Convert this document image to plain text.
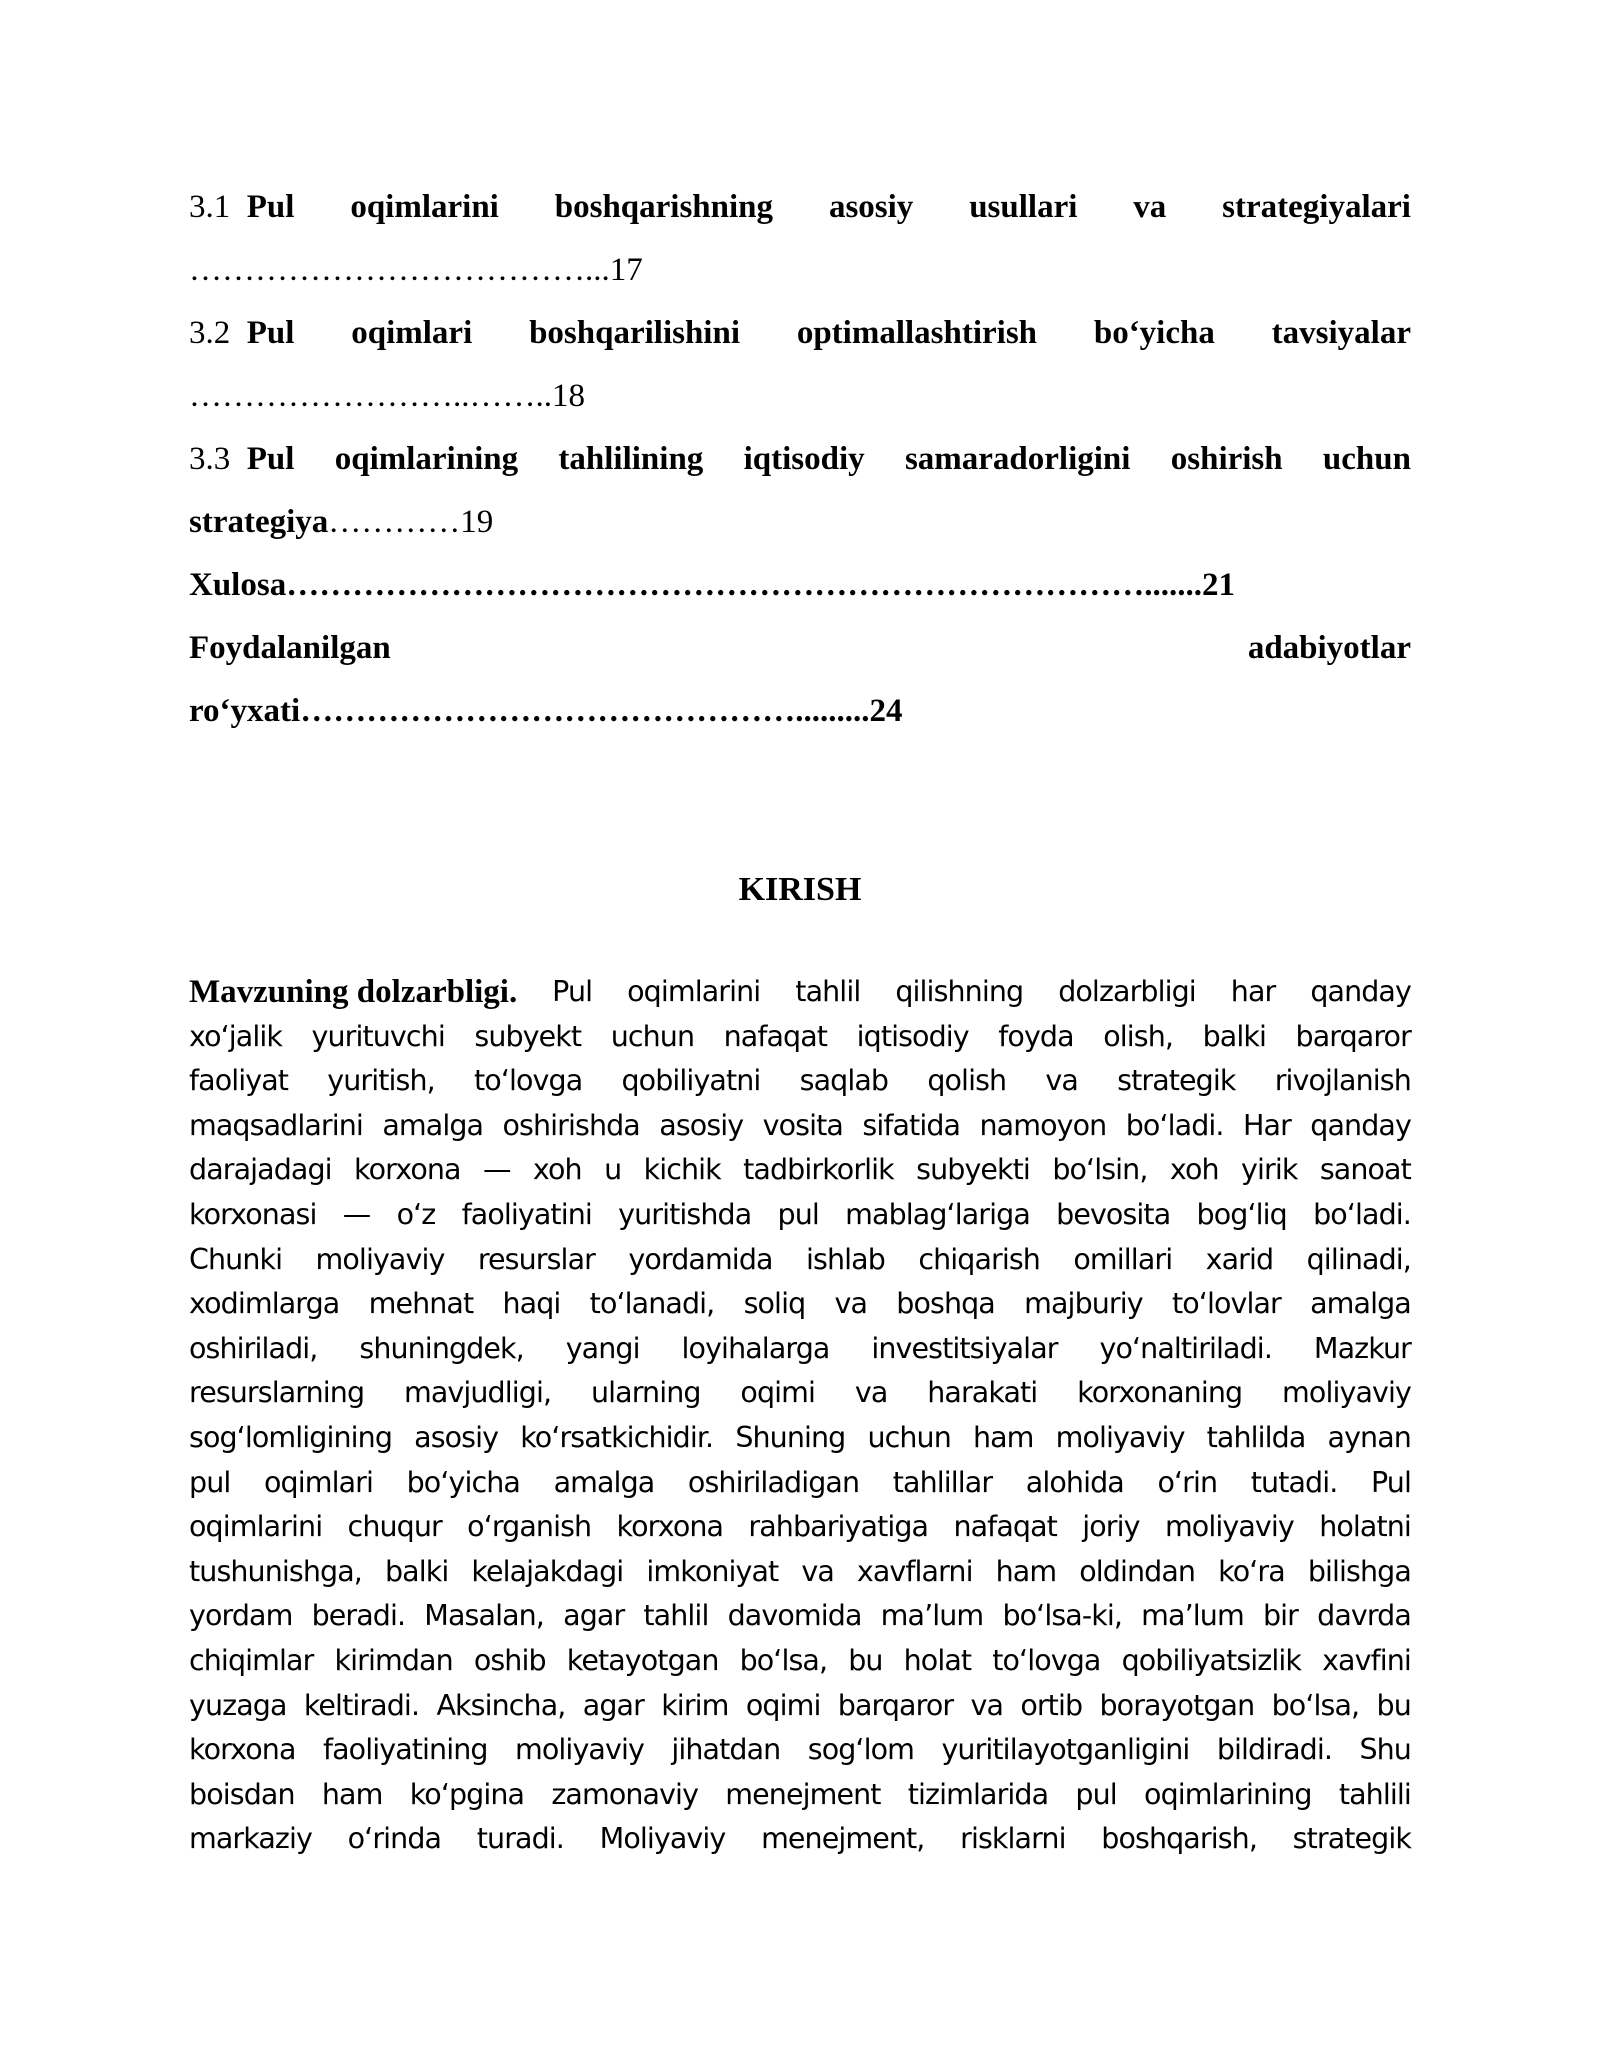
3.1 Pul oqimlarini boshqarishning asosiy usullari va strategiyalari
………………………………...17
3.2 Pul oqimlari boshqarilishini optimallashtirish bo‘yicha tavsiyalar
……………………..……..18
3.3 Pul oqimlarining tahlilining iqtisodiy samaradorligini oshirish uchun
strategiya…………19
Xulosa…………………………………………………………………….......21
Foydalanilgan	adabiyotlar
ro‘yxati……………………………………….........24
KIRISH
Mavzuning dolzarbligi. Pul oqimlarini tahlil qilishning dolzarbligi har qanday
xo‘jalik yurituvchi subyekt uchun nafaqat iqtisodiy foyda olish, balki barqaror
faoliyat yuritish, to‘lovga qobiliyatni saqlab qolish va strategik rivojlanish
maqsadlarini amalga oshirishda asosiy vosita sifatida namoyon bo‘ladi. Har qanday
darajadagi korxona — xoh u kichik tadbirkorlik subyekti bo‘lsin, xoh yirik sanoat
korxonasi — o‘z faoliyatini yuritishda pul mablag‘lariga bevosita bog‘liq bo‘ladi.
Chunki moliyaviy resurslar yordamida ishlab chiqarish omillari xarid qilinadi,
xodimlarga mehnat haqi to‘lanadi, soliq va boshqa majburiy to‘lovlar amalga
oshiriladi, shuningdek, yangi loyihalarga investitsiyalar yo‘naltiriladi. Mazkur
resurslarning mavjudligi, ularning oqimi va harakati korxonaning moliyaviy
sog‘lomligining asosiy ko‘rsatkichidir. Shuning uchun ham moliyaviy tahlilda aynan
pul oqimlari bo‘yicha amalga oshiriladigan tahlillar alohida o‘rin tutadi. Pul
oqimlarini chuqur o‘rganish korxona rahbariyatiga nafaqat joriy moliyaviy holatni
tushunishga, balki kelajakdagi imkoniyat va xavflarni ham oldindan ko‘ra bilishga
yordam beradi. Masalan, agar tahlil davomida ma’lum bo‘lsa-ki, ma’lum bir davrda
chiqimlar kirimdan oshib ketayotgan bo‘lsa, bu holat to‘lovga qobiliyatsizlik xavfini
yuzaga keltiradi. Aksincha, agar kirim oqimi barqaror va ortib borayotgan bo‘lsa, bu
korxona faoliyatining moliyaviy jihatdan sog‘lom yuritilayotganligini bildiradi. Shu
boisdan ham ko‘pgina zamonaviy menejment tizimlarida pul oqimlarining tahlili
markaziy o‘rinda turadi. Moliyaviy menejment, risklarni boshqarish, strategik
